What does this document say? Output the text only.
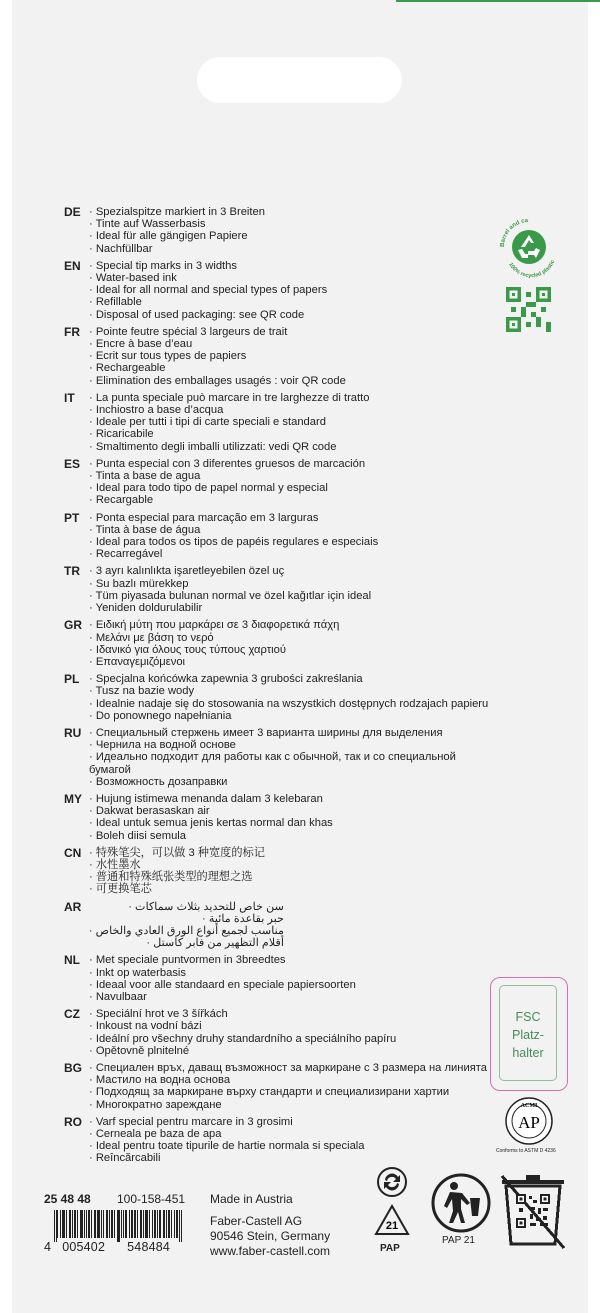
DE · Spezialspitze markiert in 3 Breiten
· Tinte auf Wasserbasis
· Ideal für alle gängigen Papiere
· Nachfüllbar
EN · Special tip marks in 3 widths
· Water-based ink
· Ideal for all normal and special types of papers
· Refillable
· Disposal of used packaging: see QR code
FR · Pointe feutre spécial 3 largeurs de trait
· Encre à base d’eau
· Ecrit sur tous types de papiers
· Rechargeable
· Elimination des emballages usagés : voir QR code
IT · La punta speciale può marcare in tre larghezze di tratto
· Inchiostro a base d’acqua
· Ideale per tutti i tipi di carte speciali e standard
· Ricaricabile
· Smaltimento degli imballi utilizzati: vedi QR code
ES · Punta especial con 3 diferentes gruesos de marcación
· Tinta a base de agua
· Ideal para todo tipo de papel normal y especial
· Recargable
PT · Ponta especial para marcação em 3 larguras
· Tinta à base de água
· Ideal para todos os tipos de papéis regulares e especiais
· Recarregável
TR · 3 ayrı kalınlıkta işaretleyebilen özel uç
· Su bazlı mürekkep
· Tüm piyasada bulunan normal ve özel kağıtlar için ideal
· Yeniden doldurulabilir
GR · Ειδική μύτη που μαρκάρει σε 3 διαφορετικά πάχη
· Μελάνι με βάση το νερό
· Ιδανικό για όλους τους τύπους χαρτιού
· Επαναγεμιζόμενοι
PL · Specjalna końcówka zapewnia 3 grubości zakreślania
· Tusz na bazie wody
· Idealnie nadaje się do stosowania na wszystkich dostępnych rodzajach papieru
· Do ponownego napełniania
RU · Специальный стержень имеет 3 варианта ширины для выделения
· Чернила на водной основе
· Идеально подходит для работы как с обычной, так и со специальной
бумагой
· Возможность дозаправки
MY · Hujung istimewa menanda dalam 3 kelebaran
· Dakwat berasaskan air
· Ideal untuk semua jenis kertas normal dan khas
· Boleh diisi semula
CN · 特殊笔尖，可以做 3 种宽度的标记
· 水性墨水
· 普通和特殊纸张类型的理想之选
· 可更换笔芯
AR	سن خاص للتحديد بثلاث سماكات ·
حبر بقاعدة مائية ·
مناسب لجميع أنواع الورق العادي والخاص ·
أقلام التظهير من فابر كاستل ·
NL · Met speciale puntvormen in 3breedtes
· Inkt op waterbasis
· Ideaal voor alle standaard en speciale papiersoorten
· Navulbaar
CZ · Speciální hrot ve 3 šířkách
· Inkoust na vodní bázi
· Ideální pro všechny druhy standardního a speciálního papíru
· Opětovně plnitelné
BG · Специален връх, даващ възможност за маркиране с 3 размера на линията
· Мастило на водна основа
· Подходящ за маркиране върху стандарти и специализирани хартии
· Многократно зареждане
RO · Varf special pentru marcare in 3 grosimi
· Cerneala pe baza de apa
· Ideal pentru toate tipurile de hartie normala si speciala
· Reîncărcabili
Barrel and ca
100% recycled plastic
FSC
Platz-
halter
ACMI
AP
Conforms to ASTM D 4236
25 48 48 100-158-451 Made in Austria
Faber-Castell AG
90546 Stein, Germany
www.faber-castell.com
4 005402 548484
21
PAP
PAP 21
